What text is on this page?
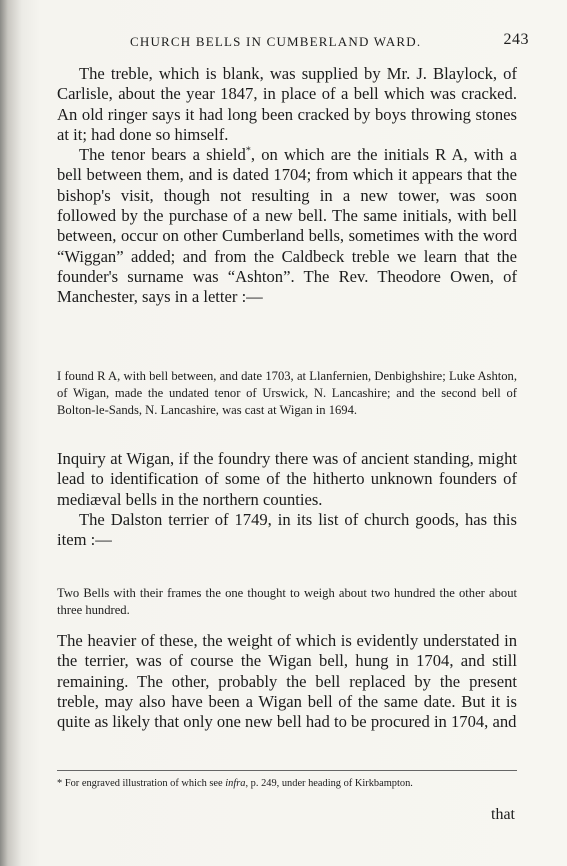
CHURCH BELLS IN CUMBERLAND WARD.	243

The treble, which is blank, was supplied by Mr. J. Blaylock, of Carlisle, about the year 1847, in place of a bell which was cracked. An old ringer says it had long been cracked by boys throwing stones at it; had done so himself.

The tenor bears a shield*, on which are the initials R A, with a bell between them, and is dated 1704; from which it appears that the bishop's visit, though not resulting in a new tower, was soon followed by the purchase of a new bell. The same initials, with bell between, occur on other Cumberland bells, sometimes with the word “Wiggan” added; and from the Caldbeck treble we learn that the founder's surname was “Ashton”. The Rev. Theodore Owen, of Manchester, says in a letter :—

I found R A, with bell between, and date 1703, at Llanfernien, Denbighshire; Luke Ashton, of Wigan, made the undated tenor of Urswick, N. Lancashire; and the second bell of Bolton-le-Sands, N. Lancashire, was cast at Wigan in 1694.

Inquiry at Wigan, if the foundry there was of ancient standing, might lead to identification of some of the hitherto unknown founders of mediæval bells in the northern counties.

The Dalston terrier of 1749, in its list of church goods, has this item :—

Two Bells with their frames the one thought to weigh about two hundred the other about three hundred.

The heavier of these, the weight of which is evidently understated in the terrier, was of course the Wigan bell, hung in 1704, and still remaining. The other, probably the bell replaced by the present treble, may also have been a Wigan bell of the same date. But it is quite as likely that only one new bell had to be procured in 1704, and

* For engraved illustration of which see infra, p. 249, under heading of Kirkbampton.
that
